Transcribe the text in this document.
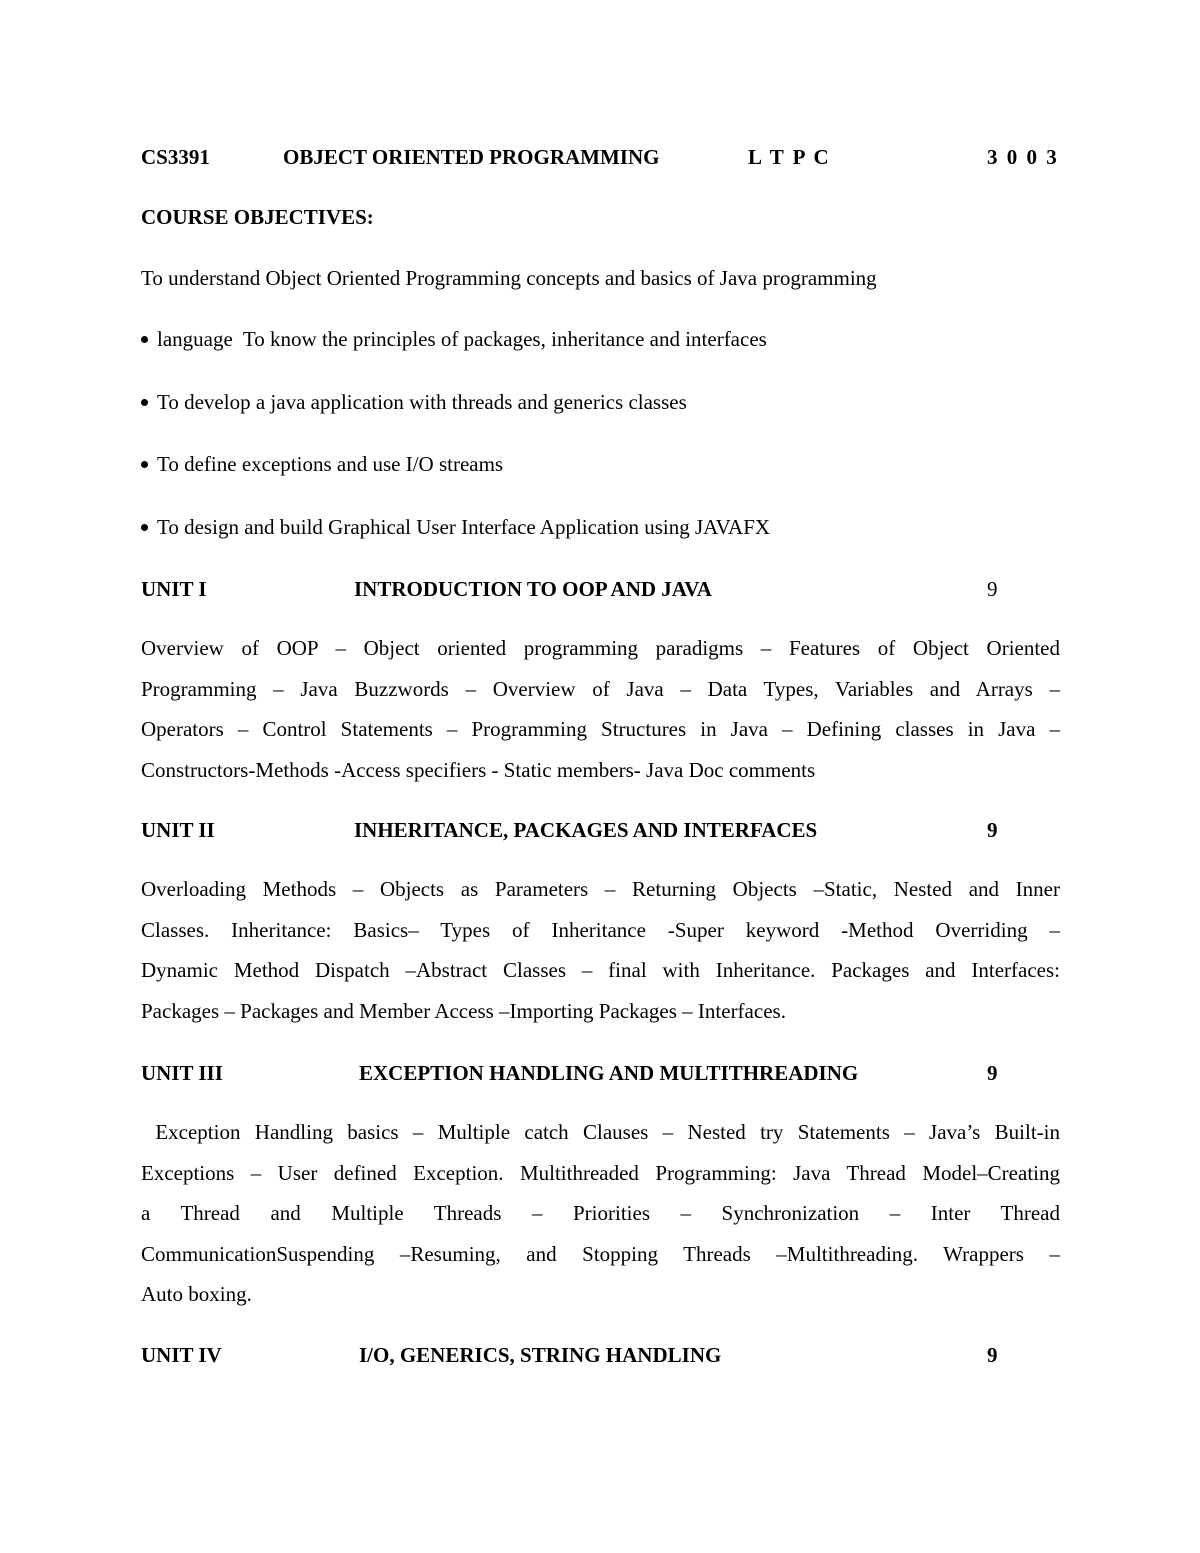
CS3391	OBJECT ORIENTED PROGRAMMING	L T P C	3 0 0 3
COURSE OBJECTIVES:
To understand Object Oriented Programming concepts and basics of Java programming
language  To know the principles of packages, inheritance and interfaces
To develop a java application with threads and generics classes
To define exceptions and use I/O streams
To design and build Graphical User Interface Application using JAVAFX
UNIT I	INTRODUCTION TO OOP AND JAVA	9
Overview of OOP – Object oriented programming paradigms – Features of Object Oriented
Programming – Java Buzzwords – Overview of Java – Data Types, Variables and Arrays –
Operators – Control Statements – Programming Structures in Java – Defining classes in Java –
Constructors-Methods -Access specifiers - Static members- Java Doc comments
UNIT II	INHERITANCE, PACKAGES AND INTERFACES	9
Overloading Methods – Objects as Parameters – Returning Objects –Static, Nested and Inner
Classes. Inheritance: Basics– Types of Inheritance -Super keyword -Method Overriding –
Dynamic Method Dispatch –Abstract Classes – final with Inheritance. Packages and Interfaces:
Packages – Packages and Member Access –Importing Packages – Interfaces.
UNIT III	EXCEPTION HANDLING AND MULTITHREADING	9
Exception Handling basics – Multiple catch Clauses – Nested try Statements – Java’s Built-in
Exceptions – User defined Exception. Multithreaded Programming: Java Thread Model–Creating
a Thread and Multiple Threads – Priorities – Synchronization – Inter Thread
CommunicationSuspending –Resuming, and Stopping Threads –Multithreading. Wrappers –
Auto boxing.
UNIT IV	I/O, GENERICS, STRING HANDLING	9
